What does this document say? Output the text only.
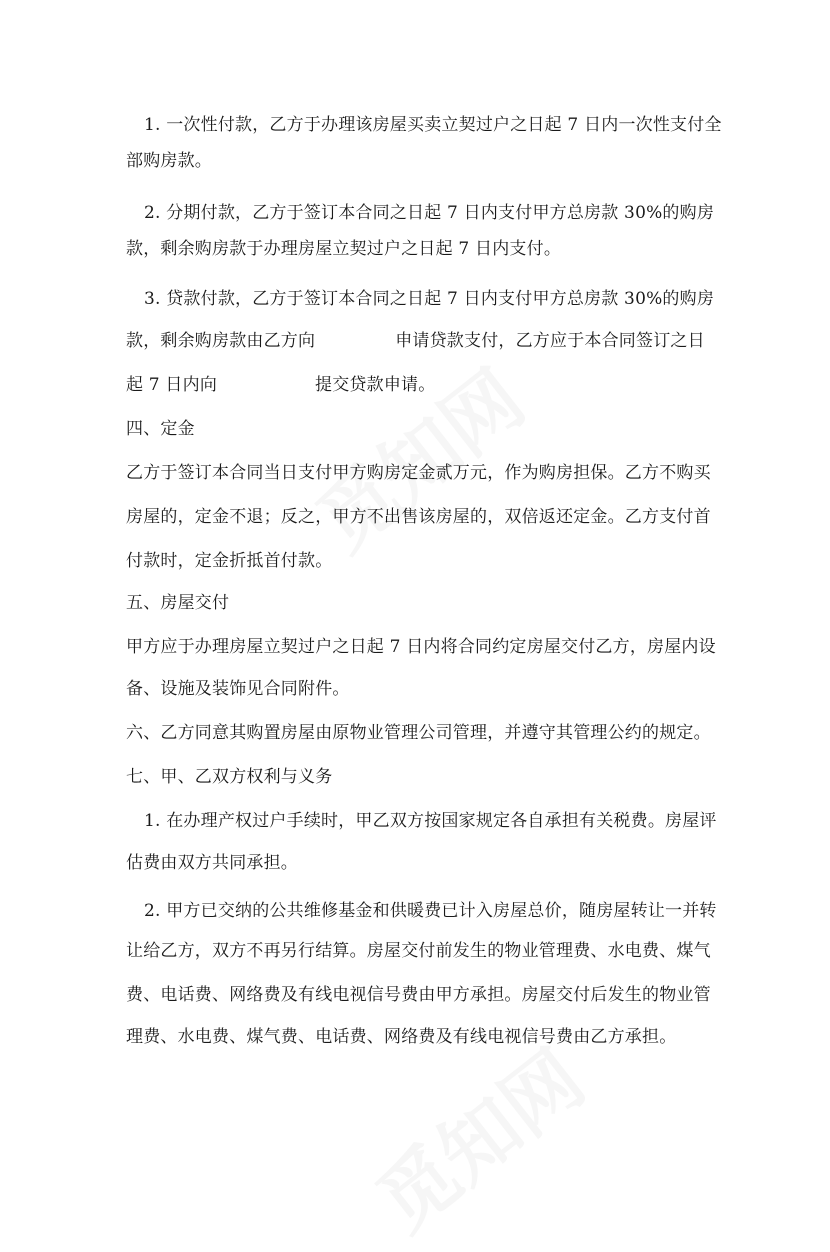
1. 一次性付款，乙方于办理该房屋买卖立契过户之日起 7 日内一次性支付全
部购房款。
2. 分期付款，乙方于签订本合同之日起 7 日内支付甲方总房款 30%的购房
款，剩余购房款于办理房屋立契过户之日起 7 日内支付。
3. 贷款付款，乙方于签订本合同之日起 7 日内支付甲方总房款 30%的购房
款，剩余购房款由乙方向	申请贷款支付，乙方应于本合同签订之日
起 7 日内向	提交贷款申请。
四、定金
乙方于签订本合同当日支付甲方购房定金贰万元，作为购房担保。乙方不购买
房屋的，定金不退；反之，甲方不出售该房屋的，双倍返还定金。乙方支付首
付款时，定金折抵首付款。
五、房屋交付
甲方应于办理房屋立契过户之日起 7 日内将合同约定房屋交付乙方，房屋内设
备、设施及装饰见合同附件。
六、乙方同意其购置房屋由原物业管理公司管理，并遵守其管理公约的规定。
七、甲、乙双方权利与义务
1. 在办理产权过户手续时，甲乙双方按国家规定各自承担有关税费。房屋评
估费由双方共同承担。
2. 甲方已交纳的公共维修基金和供暖费已计入房屋总价，随房屋转让一并转
让给乙方，双方不再另行结算。房屋交付前发生的物业管理费、水电费、煤气
费、电话费、网络费及有线电视信号费由甲方承担。房屋交付后发生的物业管
理费、水电费、煤气费、电话费、网络费及有线电视信号费由乙方承担。
